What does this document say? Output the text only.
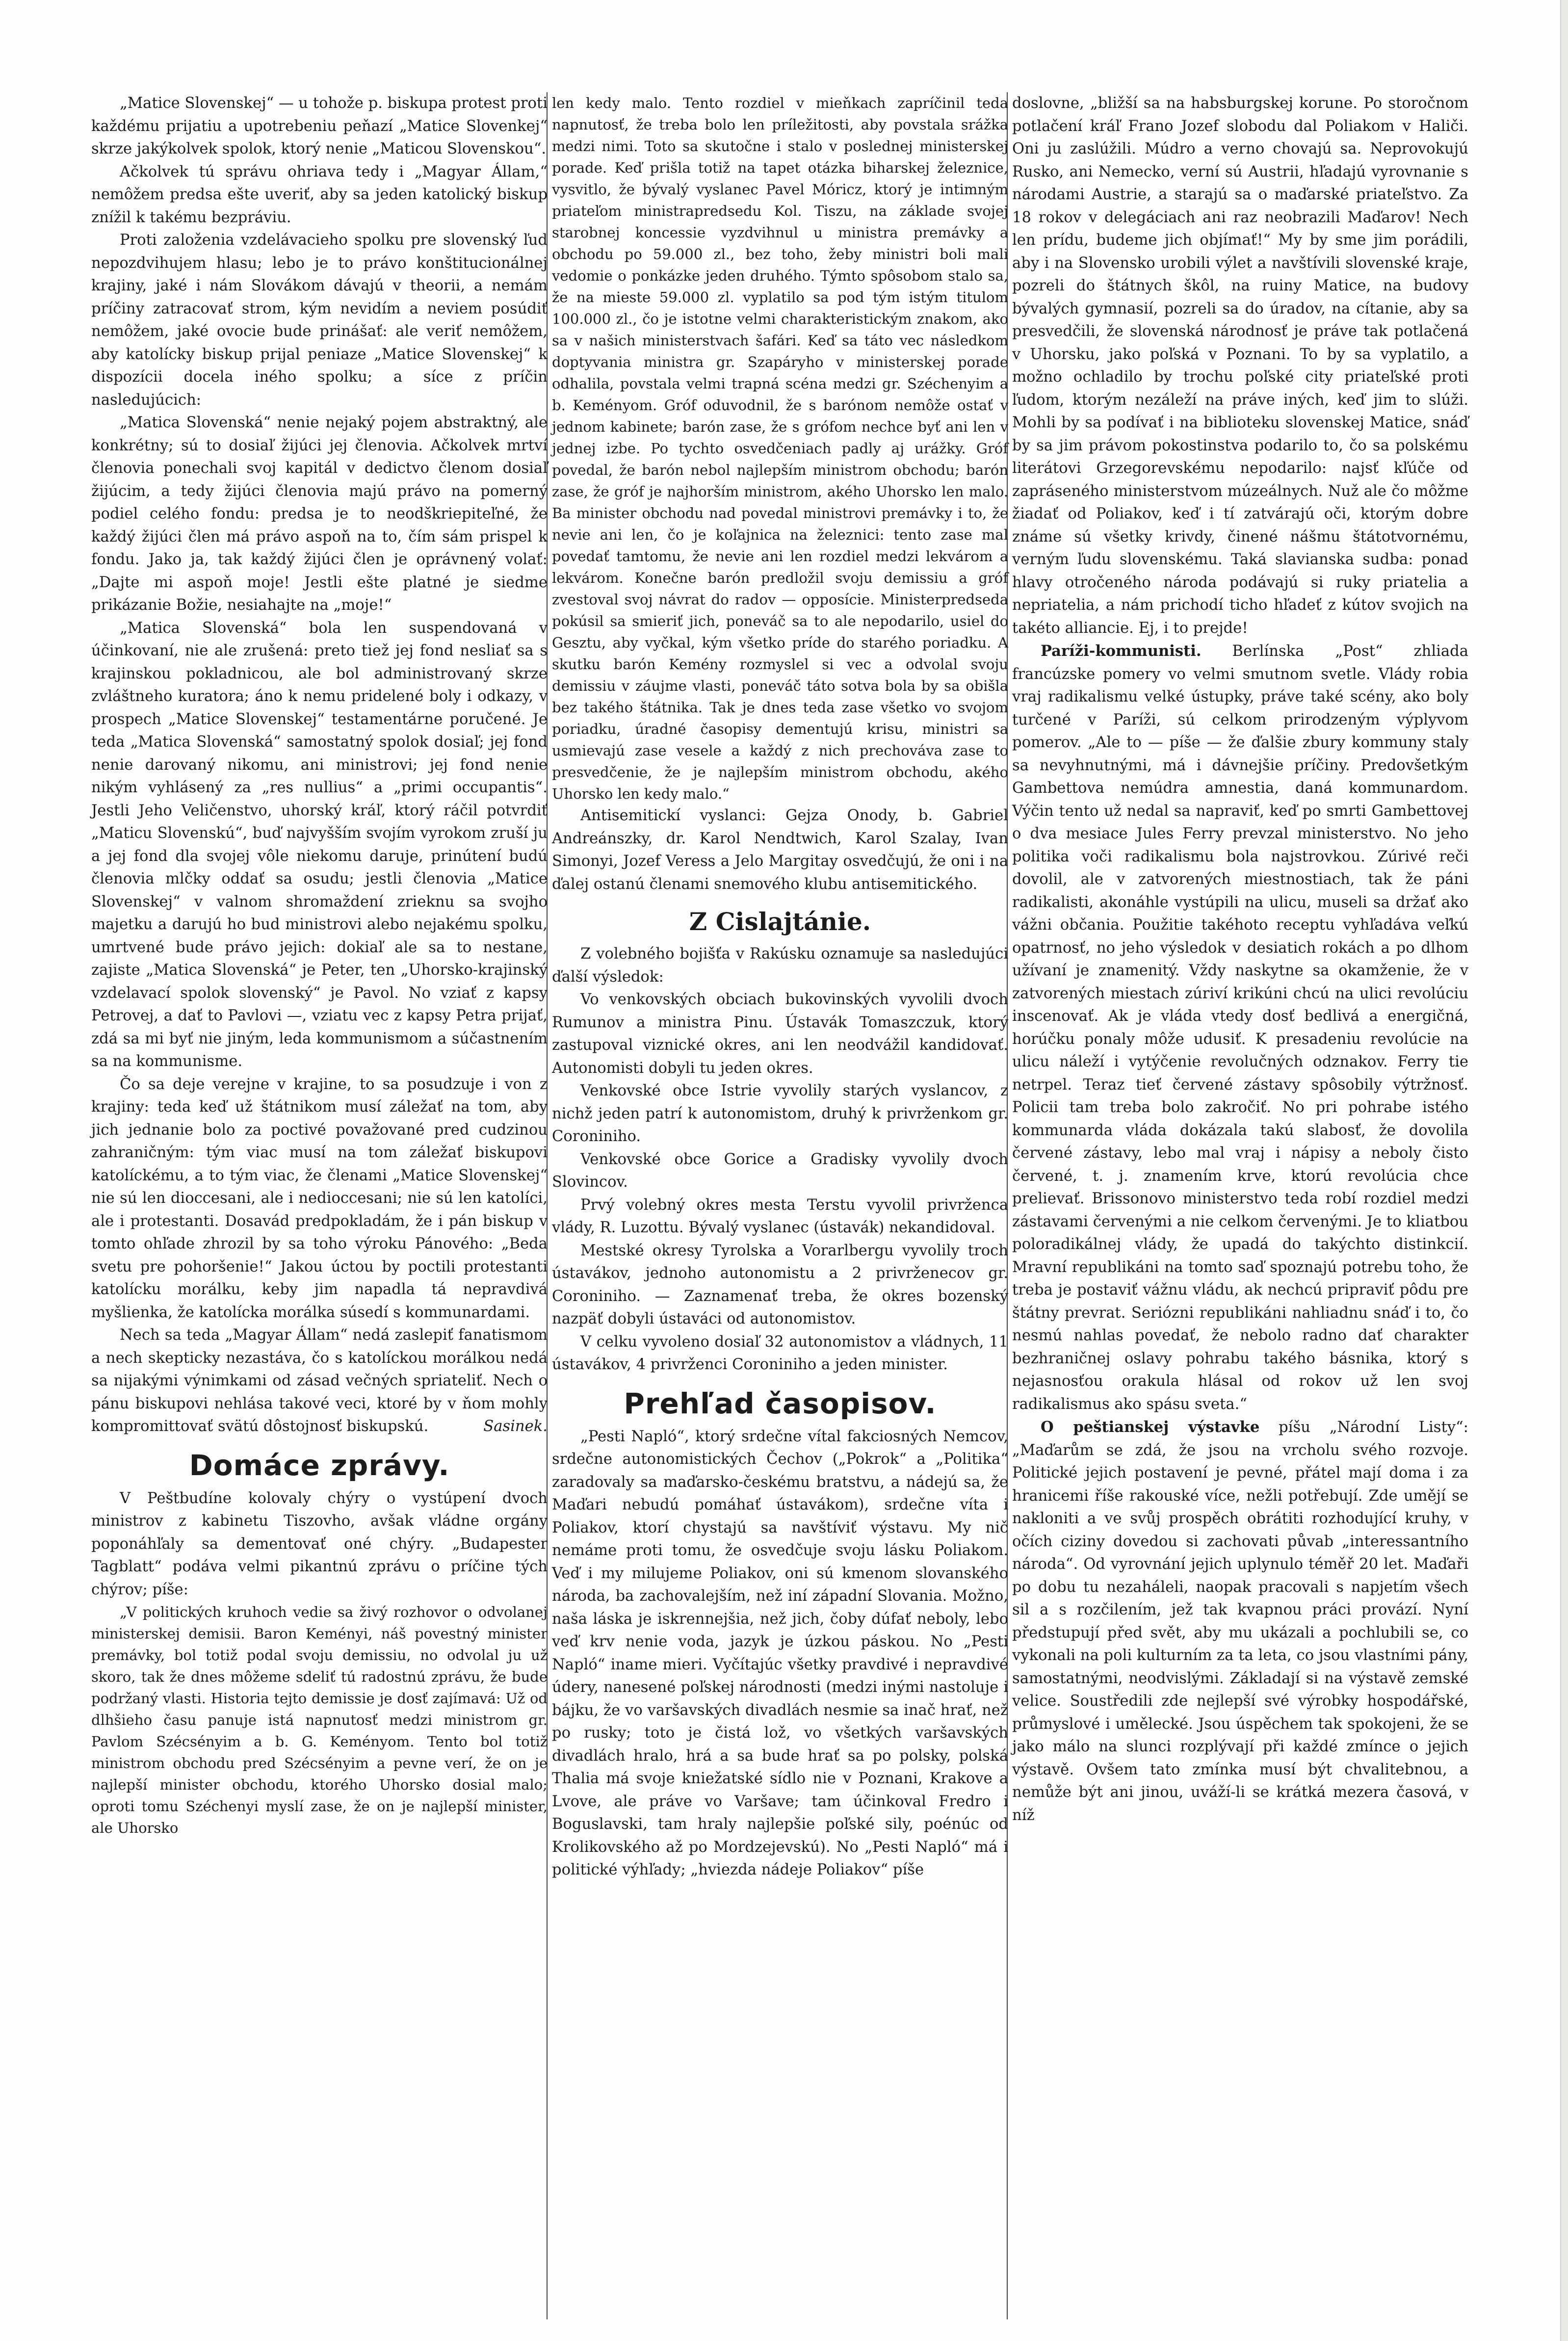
„Matice Slovenskej“ — u tohože p. biskupa protest proti každému prijatiu a upotrebeniu peňazí „Matice Slovenkej“ skrze jakýkolvek spolok, ktorý nenie „Maticou Slovenskou“.

Ačkolvek tú správu ohriava tedy i „Magyar Állam,“ nemôžem predsa ešte uveriť, aby sa jeden katolický biskup znížil k takému bezpráviu.

Proti založenia vzdelávacieho spolku pre slovenský ľud nepozdvihujem hlasu; lebo je to právo konštitucionálnej krajiny, jaké i nám Slovákom dávajú v theorii, a nemám príčiny zatracovať strom, kým nevidím a neviem posúdiť nemôžem, jaké ovocie bude prinášať: ale veriť nemôžem, aby katolícky biskup prijal peniaze „Matice Slovenskej“ k dispozícii docela iného spolku; a síce z príčin nasledujúcich:

„Matica Slovenská“ nenie nejaký pojem abstraktný, ale konkrétny; sú to dosiaľ žijúci jej členovia. Ačkolvek mrtví členovia ponechali svoj kapitál v dedictvo členom dosiaľ žijúcim, a tedy žijúci členovia majú právo na pomerný podiel celého fondu: predsa je to neodškriepiteľné, že každý žijúci člen má právo aspoň na to, čím sám prispel k fondu. Jako ja, tak každý žijúci člen je oprávnený volať: „Dajte mi aspoň moje! Jestli ešte platné je siedme prikázanie Božie, nesiahajte na „moje!“

„Matica Slovenská“ bola len suspendovaná v účinkovaní, nie ale zrušená: preto tiež jej fond nesliať sa s krajinskou pokladnicou, ale bol administrovaný skrze zvláštneho kuratora; áno k nemu pridelené boly i odkazy, v prospech „Matice Slovenskej“ testamentárne poručené. Je teda „Matica Slovenská“ samostatný spolok dosiaľ; jej fond nenie darovaný nikomu, ani ministrovi; jej fond nenie nikým vyhlásený za „res nullius“ a „primi occupantis“. Jestli Jeho Veličenstvo, uhorský kráľ, ktorý ráčil potvrdiť „Maticu Slovenskú“, buď najvyšším svojím vyrokom zruší ju a jej fond dla svojej vôle niekomu daruje, prinútení budú členovia mlčky oddať sa osudu; jestli členovia „Matice Slovenskej“ v valnom shromaždení zrieknu sa svojho majetku a darujú ho bud ministrovi alebo nejakému spolku, umrtvené bude právo jejich: dokiaľ ale sa to nestane, zajiste „Matica Slovenská“ je Peter, ten „Uhorsko-krajinský vzdelavací spolok slovenský“ je Pavol. No vziať z kapsy Petrovej, a dať to Pavlovi —, vziatu vec z kapsy Petra prijať, zdá sa mi byť nie jiným, leda kommunismom a súčastnením sa na kommunisme.

Čo sa deje verejne v krajine, to sa posudzuje i von z krajiny: teda keď už štátnikom musí záležať na tom, aby jich jednanie bolo za poctivé považované pred cudzinou zahraničným: tým viac musí na tom záležať biskupovi katolíckému, a to tým viac, že členami „Matice Slovenskej“ nie sú len dioccesani, ale i nedioccesani; nie sú len katolíci, ale i protestanti. Dosavád predpokladám, že i pán biskup v tomto ohľade zhrozil by sa toho výroku Pánového: „Beda svetu pre pohoršenie!“ Jakou úctou by poctili protestanti katolícku morálku, keby jim napadla tá nepravdivá myšlienka, že katolícka morálka súsedí s kommunardami.

Nech sa teda „Magyar Állam“ nedá zaslepiť fanatismom a nech skepticky nezastáva, čo s katolíckou morálkou nedá sa nijakými výnimkami od zásad večných spriateliť. Nech o pánu biskupovi nehlása takové veci, ktoré by v ňom mohly kompromittovať svätú dôstojnosť biskupskú.	Sasinek.

Domáce zprávy.

V Peštbudíne kolovaly chýry o vystúpení dvoch ministrov z kabinetu Tiszovho, avšak vládne orgány poponáhľaly sa dementovať oné chýry. „Budapester Tagblatt“ podáva velmi pikantnú zprávu o príčine tých chýrov; píše:

„V politických kruhoch vedie sa živý rozhovor o odvolanej ministerskej demisii. Baron Keményi, náš povestný minister premávky, bol totiž podal svoju demissiu, no odvolal ju už skoro, tak že dnes môžeme sdeliť tú radostnú zprávu, že bude podržaný vlasti. Historia tejto demissie je dosť zajímavá: Už od dlhšieho času panuje istá napnutosť medzi ministrom gr. Pavlom Szécsényim a b. G. Keményom. Tento bol totiž ministrom obchodu pred Szécsényim a pevne verí, že on je najlepší minister obchodu, ktorého Uhorsko dosial malo; oproti tomu Széchenyi myslí zase, že on je najlepší minister, ale Uhorsko

len kedy malo. Tento rozdiel v mieňkach zapríčinil teda napnutosť, že treba bolo len príležitosti, aby povstala srážka medzi nimi. Toto sa skutočne i stalo v poslednej ministerskej porade. Keď prišla totiž na tapet otázka biharskej železnice, vysvitlo, že bývalý vyslanec Pavel Móricz, ktorý je intimným priateľom ministrapredsedu Kol. Tiszu, na základe svojej starobnej koncessie vyzdvihnul u ministra premávky a obchodu po 59.000 zl., bez toho, žeby ministri boli mali vedomie o ponkázke jeden druhého. Týmto spôsobom stalo sa, že na mieste 59.000 zl. vyplatilo sa pod tým istým titulom 100.000 zl., čo je istotne velmi charakteristickým znakom, ako sa v našich ministerstvach šafári. Keď sa táto vec následkom doptyvania ministra gr. Szapáryho v ministerskej porade odhalila, povstala velmi trapná scéna medzi gr. Széchenyim a b. Keményom. Gróf oduvodnil, že s barónom nemôže ostať v jednom kabinete; barón zase, že s grófom nechce byť ani len v jednej izbe. Po tychto osvedčeniach padly aj urážky. Gróf povedal, že barón nebol najlepším ministrom obchodu; barón zase, že gróf je najhorším ministrom, akého Uhorsko len malo. Ba minister obchodu nad povedal ministrovi premávky i to, že nevie ani len, čo je koľajnica na železnici: tento zase mal povedať tamtomu, že nevie ani len rozdiel medzi lekvárom a lekvárom. Konečne barón predložil svoju demissiu a gróf zvestoval svoj návrat do radov — opposície. Ministerpredseda pokúsil sa smieriť jich, poneváč sa to ale nepodarilo, usiel do Gesztu, aby vyčkal, kým všetko príde do starého poriadku. A skutku barón Kemény rozmyslel si vec a odvolal svoju demissiu v záujme vlasti, poneváč táto sotva bola by sa obišla bez takého štátnika. Tak je dnes teda zase všetko vo svojom poriadku, úradné časopisy dementujú krisu, ministri sa usmievajú zase vesele a každý z nich prechováva zase to presvedčenie, že je najlepším ministrom obchodu, akého Uhorsko len kedy malo.“

Antisemitickí vyslanci: Gejza Onody, b. Gabriel Andreánszky, dr. Karol Nendtwich, Karol Szalay, Ivan Simonyi, Jozef Veress a Jelo Margitay osvedčujú, že oni i na ďalej ostanú členami snemového klubu antisemitického.

Z Cislajtánie.

Z volebného bojišťa v Rakúsku oznamuje sa nasledujúci ďalší výsledok:

Vo venkovských obciach bukovinských vyvolili dvoch Rumunov a ministra Pinu. Ústavák Tomaszczuk, ktorý zastupoval viznické okres, ani len neodvážil kandidovať. Autonomisti dobyli tu jeden okres.

Venkovské obce Istrie vyvolily starých vyslancov, z nichž jeden patrí k autonomistom, druhý k privrženkom gr. Coroniniho.

Venkovské obce Gorice a Gradisky vyvolily dvoch Slovincov.

Prvý volebný okres mesta Terstu vyvolil privrženca vlády, R. Luzottu. Bývalý vyslanec (ústavák) nekandidoval.

Mestské okresy Tyrolska a Vorarlbergu vyvolily troch ústavákov, jednoho autonomistu a 2 privrženecov gr. Coroniniho. — Zaznamenať treba, že okres bozenský nazpäť dobyli ústaváci od autonomistov.

V celku vyvoleno dosiaľ 32 autonomistov a vládnych, 11 ústavákov, 4 privrženci Coroniniho a jeden minister.

Prehľad časopisov.

„Pesti Napló“, ktorý srdečne vítal fakciosných Nemcov, srdečne autonomistických Čechov („Pokrok“ a „Politika“ zaradovaly sa maďarsko-českému bratstvu, a nádejú sa, že Maďari nebudú pomáhať ústavákom), srdečne víta i Poliakov, ktorí chystajú sa navštíviť výstavu. My nič nemáme proti tomu, že osvedčuje svoju lásku Poliakom. Veď i my milujeme Poliakov, oni sú kmenom slovanského národa, ba zachovalejším, než iní západní Slovania. Možno, naša láska je iskrennejšia, než jich, čoby dúfať neboly, lebo veď krv nenie voda, jazyk je úzkou páskou. No „Pesti Napló“ iname mieri. Vyčítajúc všetky pravdivé i nepravdivé údery, nanesené poľskej národnosti (medzi inými nastoluje i bájku, že vo varšavských divadlách nesmie sa inač hrať, než po rusky; toto je čistá lož, vo všetkých varšavských divadlách hralo, hrá a sa bude hrať sa po polsky, polská Thalia má svoje kniežatské sídlo nie v Poznani, Krakove a Lvove, ale práve vo Varšave; tam účinkoval Fredro i Boguslavski, tam hraly najlepšie poľské sily, poénúc od Krolikovského až po Mordzejevskú). No „Pesti Napló“ má i politické výhľady; „hviezda nádeje Poliakov“ píše

doslovne, „bližší sa na habsburgskej korune. Po storočnom potlačení kráľ Frano Jozef slobodu dal Poliakom v Haliči. Oni ju zaslúžili. Múdro a verno chovajú sa. Neprovokujú Rusko, ani Nemecko, verní sú Austrii, hľadajú vyrovnanie s národami Austrie, a starajú sa o maďarské priateľstvo. Za 18 rokov v delegáciach ani raz neobrazili Maďarov! Nech len prídu, budeme jich objímať!“ My by sme jim porádili, aby i na Slovensko urobili výlet a navštívili slovenské kraje, pozreli do štátnych škôl, na ruiny Matice, na budovy bývalých gymnasií, pozreli sa do úradov, na cítanie, aby sa presvedčili, že slovenská národnosť je práve tak potlačená v Uhorsku, jako poľská v Poznani. To by sa vyplatilo, a možno ochladilo by trochu poľské city priateľské proti ľudom, ktorým nezáleží na práve iných, keď jim to slúži. Mohli by sa podívať i na biblioteku slovenskej Matice, snáď by sa jim právom pokostinstva podarilo to, čo sa polskému literátovi Grzegorevskému nepodarilo: najsť kľúče od zapráseného ministerstvom múzeálnych. Nuž ale čo môžme žiadať od Poliakov, keď i tí zatvárajú oči, ktorým dobre známe sú všetky krivdy, činené nášmu štátotvornému, verným ľudu slovenskému. Taká slavianska sudba: ponad hlavy otročeného národa podávajú si ruky priatelia a nepriatelia, a nám prichodí ticho hľadeť z kútov svojich na takéto alliancie. Ej, i to prejde!

Paríži-kommunisti. Berlínska „Post“ zhliada francúzske pomery vo velmi smutnom svetle. Vlády robia vraj radikalismu velké ústupky, práve také scény, ako boly turčené v Paríži, sú celkom prirodzeným výplyvom pomerov. „Ale to — píše — že ďalšie zbury kommuny staly sa nevyhnutnými, má i dávnejšie príčiny. Predovšetkým Gambettova nemúdra amnestia, daná kommunardom. Výčin tento už nedal sa napraviť, keď po smrti Gambettovej o dva mesiace Jules Ferry prevzal ministerstvo. No jeho politika voči radikalismu bola najstrovkou. Zúrivé reči dovolil, ale v zatvorených miestnostiach, tak že páni radikalisti, akonáhle vystúpili na ulicu, museli sa držať ako vážni občania. Použitie takéhoto receptu vyhľadáva veľkú opatrnosť, no jeho výsledok v desiatich rokách a po dlhom užívaní je znamenitý. Vždy naskytne sa okamženie, že v zatvorených miestach zúriví krikúni chcú na ulici revolúciu inscenovať. Ak je vláda vtedy dosť bedlivá a energičná, horúčku ponaly môže udusiť. K presadeniu revolúcie na ulicu náleží i vytýčenie revolučných odznakov. Ferry tie netrpel. Teraz tieť červené zástavy spôsobily výtržnosť. Policii tam treba bolo zakročiť. No pri pohrabe istého kommunarda vláda dokázala takú slabosť, že dovolila červené zástavy, lebo mal vraj i nápisy a neboly čisto červené, t. j. znamením krve, ktorú revolúcia chce prelievať. Brissonovo ministerstvo teda robí rozdiel medzi zástavami červenými a nie celkom červenými. Je to kliatbou poloradikálnej vlády, že upadá do takýchto distinkcií. Mravní republikáni na tomto saď spoznajú potrebu toho, že treba je postaviť vážnu vládu, ak nechcú pripraviť pôdu pre štátny prevrat. Seriózni republikáni nahliadnu snáď i to, čo nesmú nahlas povedať, že nebolo radno dať charakter bezhraničnej oslavy pohrabu takého básnika, ktorý s nejasnosťou orakula hlásal od rokov už len svoj radikalismus ako spásu sveta.“

O peštianskej výstavke píšu „Národní Listy“: „Maďarům se zdá, že jsou na vrcholu svého rozvoje. Politické jejich postavení je pevné, přátel mají doma i za hranicemi říše rakouské více, nežli potřebují. Zde umějí se nakloniti a ve svůj prospěch obrátiti rozhodující kruhy, v očích ciziny dovedou si zachovati půvab „interessantního národa“. Od vyrovnání jejich uplynulo téměř 20 let. Maďaři po dobu tu nezaháleli, naopak pracovali s napjetím všech sil a s rozčilením, jež tak kvapnou práci provází. Nyní předstupují před svět, aby mu ukázali a pochlubili se, co vykonali na poli kulturním za ta leta, co jsou vlastními pány, samostatnými, neodvislými. Základají si na výstavě zemské velice. Soustředili zde nejlepší své výrobky hospodářské, průmyslové i umělecké. Jsou úspěchem tak spokojeni, že se jako málo na slunci rozplývají při každé zmínce o jejich výstavě. Ovšem tato zmínka musí být chvalitebnou, a nemůže být ani jinou, uváží-li se krátká mezera časová, v níž
